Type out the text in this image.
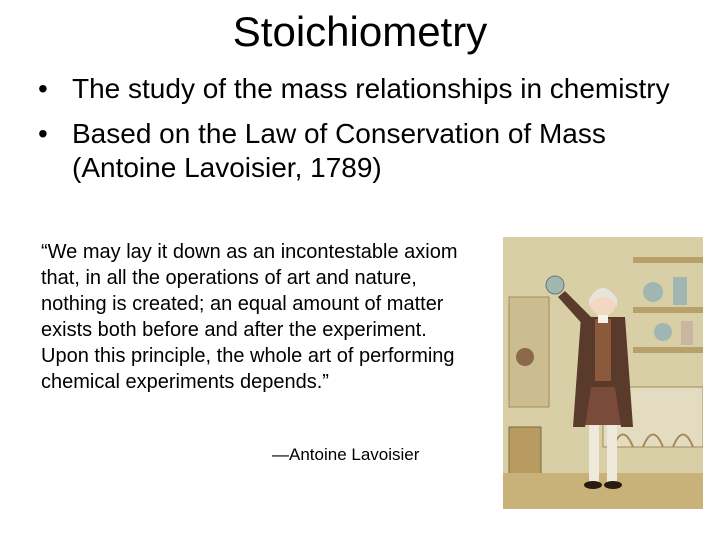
Stoichiometry
• The study of the mass relationships in chemistry
• Based on the Law of Conservation of Mass (Antoine Lavoisier, 1789)

“We may lay it down as an incontestable axiom that, in all the operations of art and nature, nothing is created; an equal amount of matter exists both before and after the experiment. Upon this principle, the whole art of performing chemical experiments depends.”

—Antoine Lavoisier
